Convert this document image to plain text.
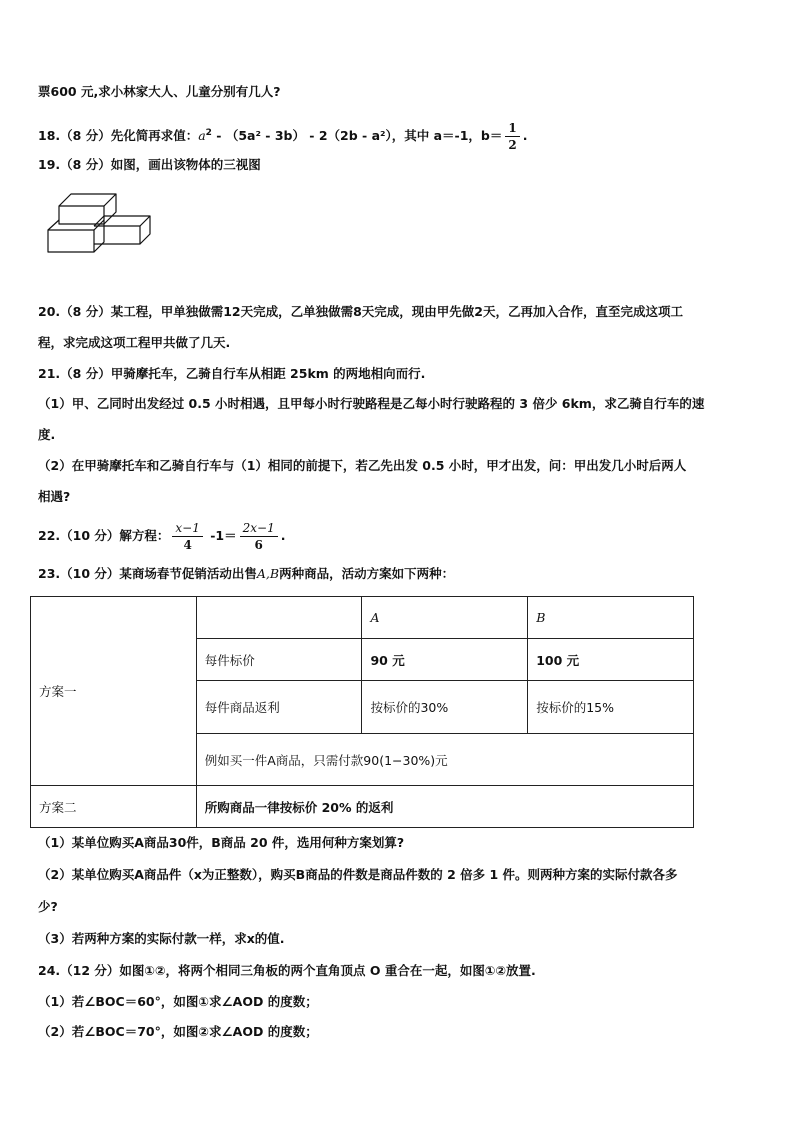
票600 元,求小林家大人、儿童分别有几人?
18.（8 分）先化简再求值：$a^2 - (5a^2 - 3b) - 2(2b - a^2)$，其中 a＝-1，$b= \frac{1}{2}$ .
19.（8 分）如图，画出该物体的三视图
20.（8 分）某工程，甲单独做需12天完成，乙单独做需8天完成，现由甲先做2天，乙再加入合作，直至完成这项工
程，求完成这项工程甲共做了几天.
21.（8 分）甲骑摩托车，乙骑自行车从相距 25km 的两地相向而行.
（1）甲、乙同时出发经过 0.5 小时相遇，且甲每小时行驶路程是乙每小时行驶路程的 3 倍少 6km，求乙骑自行车的速
度.
（2）在甲骑摩托车和乙骑自行车与（1）相同的前提下，若乙先出发 0.5 小时，甲才出发，问：甲出发几小时后两人
相遇?
22.（10 分）解方程： $\frac{x-1}{4} -1= \frac{2x-1}{6}$ .
23.（10 分）某商场春节促销活动出售A,B两种商品，活动方案如下两种：
方案一		A	B
	每件标价	90 元	100 元
	每件商品返利	按标价的30%	按标价的15%
	例如买一件A商品，只需付款90(1−30%)元		
方案二	所购商品一律按标价 20% 的返利		
（1）某单位购买A商品30件，B商品 20 件，选用何种方案划算?
（2）某单位购买A商品件（x为正整数），购买B商品的件数是商品件数的 2 倍多 1 件。则两种方案的实际付款各多
少?
（3）若两种方案的实际付款一样，求x的值.
24.（12 分）如图①②，将两个相同三角板的两个直角顶点 O 重合在一起，如图①②放置.
（1）若∠BOC＝60°，如图①求∠AOD 的度数；
（2）若∠BOC＝70°，如图②求∠AOD 的度数；
